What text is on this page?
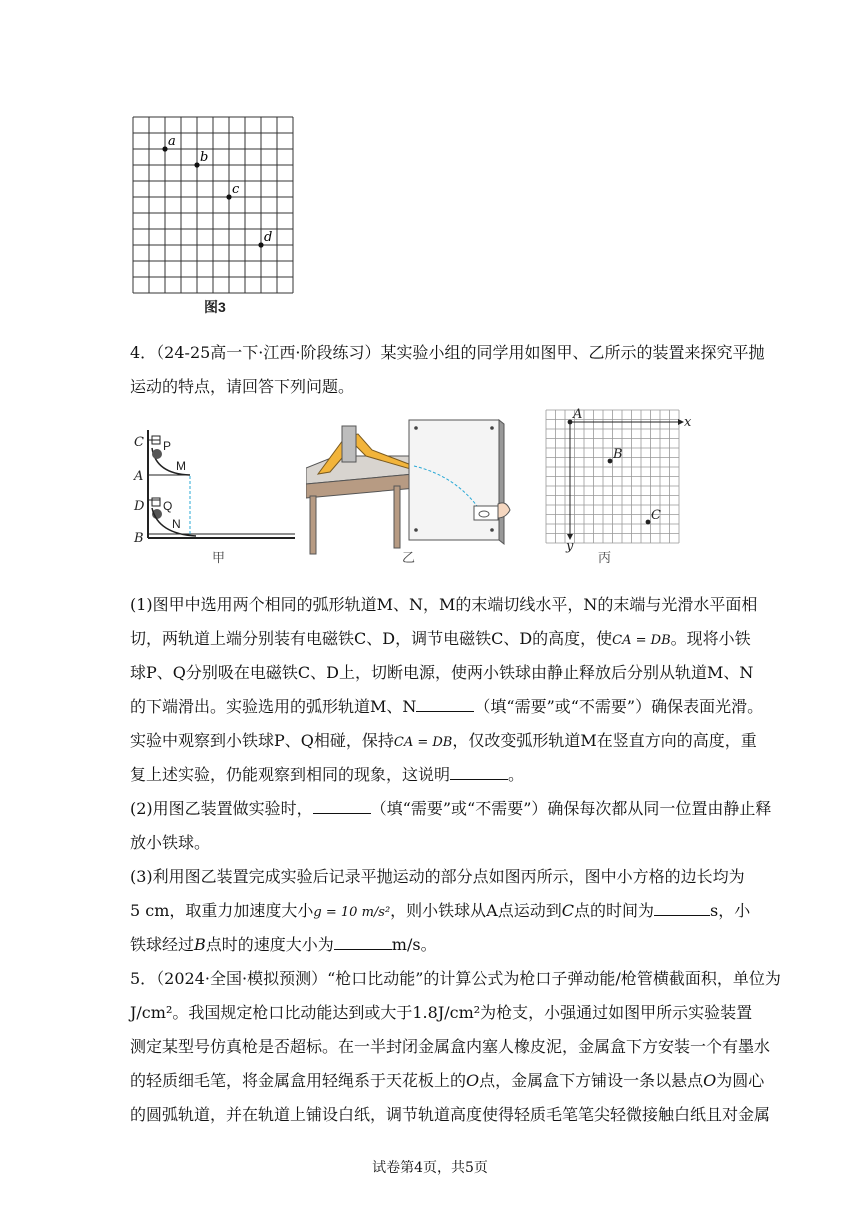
a
b
c
d
图3
4．（24-25高一下·江西·阶段练习）某实验小组的同学用如图甲、乙所示的装置来探究平抛
运动的特点，请回答下列问题。
C P
M
A
D Q
N
B
甲	乙
A
B
C
x
y
丙
(1)图甲中选用两个相同的弧形轨道M、N，M的末端切线水平，N的末端与光滑水平面相
切，两轨道上端分别装有电磁铁C、D，调节电磁铁C、D的高度，使CA = DB。现将小铁
球P、Q分别吸在电磁铁C、D上，切断电源，使两小铁球由静止释放后分别从轨道M、N
的下端滑出。实验选用的弧形轨道M、N	（填“需要”或“不需要”）确保表面光滑。
实验中观察到小铁球P、Q相碰，保持CA = DB，仅改变弧形轨道M在竖直方向的高度，重
复上述实验，仍能观察到相同的现象，这说明	。
(2)用图乙装置做实验时，	（填“需要”或“不需要”）确保每次都从同一位置由静止释
放小铁球。
(3)利用图乙装置完成实验后记录平抛运动的部分点如图丙所示，图中小方格的边长均为
5 cm，取重力加速度大小g = 10 m/s²，则小铁球从A点运动到C点的时间为	s，小
铁球经过B点时的速度大小为	m/s。
5．（2024·全国·模拟预测）“枪口比动能”的计算公式为枪口子弹动能/枪管横截面积，单位为
J/cm²。我国规定枪口比动能达到或大于1.8J/cm²为枪支，小强通过如图甲所示实验装置
测定某型号仿真枪是否超标。在一半封闭金属盒内塞人橡皮泥，金属盒下方安装一个有墨水
的轻质细毛笔，将金属盒用轻绳系于天花板上的O点，金属盒下方铺设一条以悬点O为圆心
的圆弧轨道，并在轨道上铺设白纸，调节轨道高度使得轻质毛笔笔尖轻微接触白纸且对金属
试卷第4页，共5页
